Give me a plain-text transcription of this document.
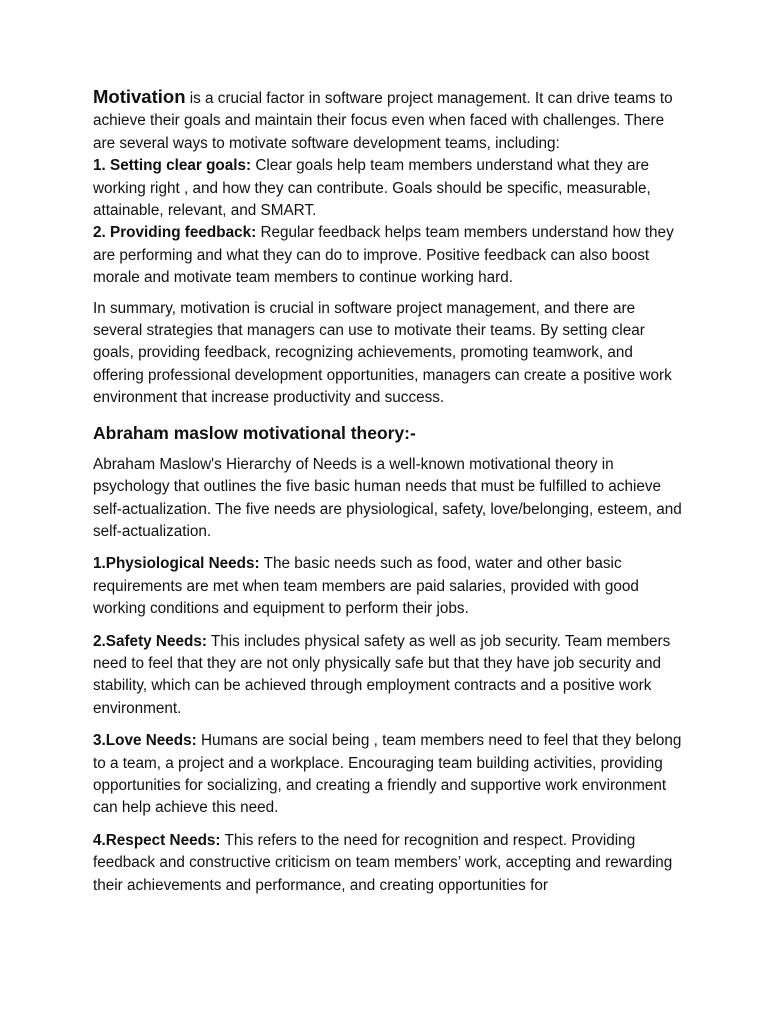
Motivation is a crucial factor in software project management. It can drive teams to achieve their goals and maintain their focus even when faced with challenges. There are several ways to motivate software development teams, including:
1. Setting clear goals: Clear goals help team members understand what they are working right , and how they can contribute. Goals should be specific, measurable, attainable, relevant, and SMART.
2. Providing feedback: Regular feedback helps team members understand how they are performing and what they can do to improve. Positive feedback can also boost morale and motivate team members to continue working hard.

In summary, motivation is crucial in software project management, and there are several strategies that managers can use to motivate their teams. By setting clear goals, providing feedback, recognizing achievements, promoting teamwork, and offering professional development opportunities, managers can create a positive work environment that increase productivity and success.

Abraham maslow motivational theory:-

Abraham Maslow's Hierarchy of Needs is a well-known motivational theory in psychology that outlines the five basic human needs that must be fulfilled to achieve self-actualization. The five needs are physiological, safety, love/belonging, esteem, and self-actualization.

1.Physiological Needs: The basic needs such as food, water and other basic requirements are met when team members are paid salaries, provided with good working conditions and equipment to perform their jobs.

2.Safety Needs: This includes physical safety as well as job security. Team members need to feel that they are not only physically safe but that they have job security and stability, which can be achieved through employment contracts and a positive work environment.

3.Love Needs: Humans are social being , team members need to feel that they belong to a team, a project and a workplace. Encouraging team building activities, providing opportunities for socializing, and creating a friendly and supportive work environment can help achieve this need.

4.Respect Needs: This refers to the need for recognition and respect. Providing feedback and constructive criticism on team members’ work, accepting and rewarding their achievements and performance, and creating opportunities for
